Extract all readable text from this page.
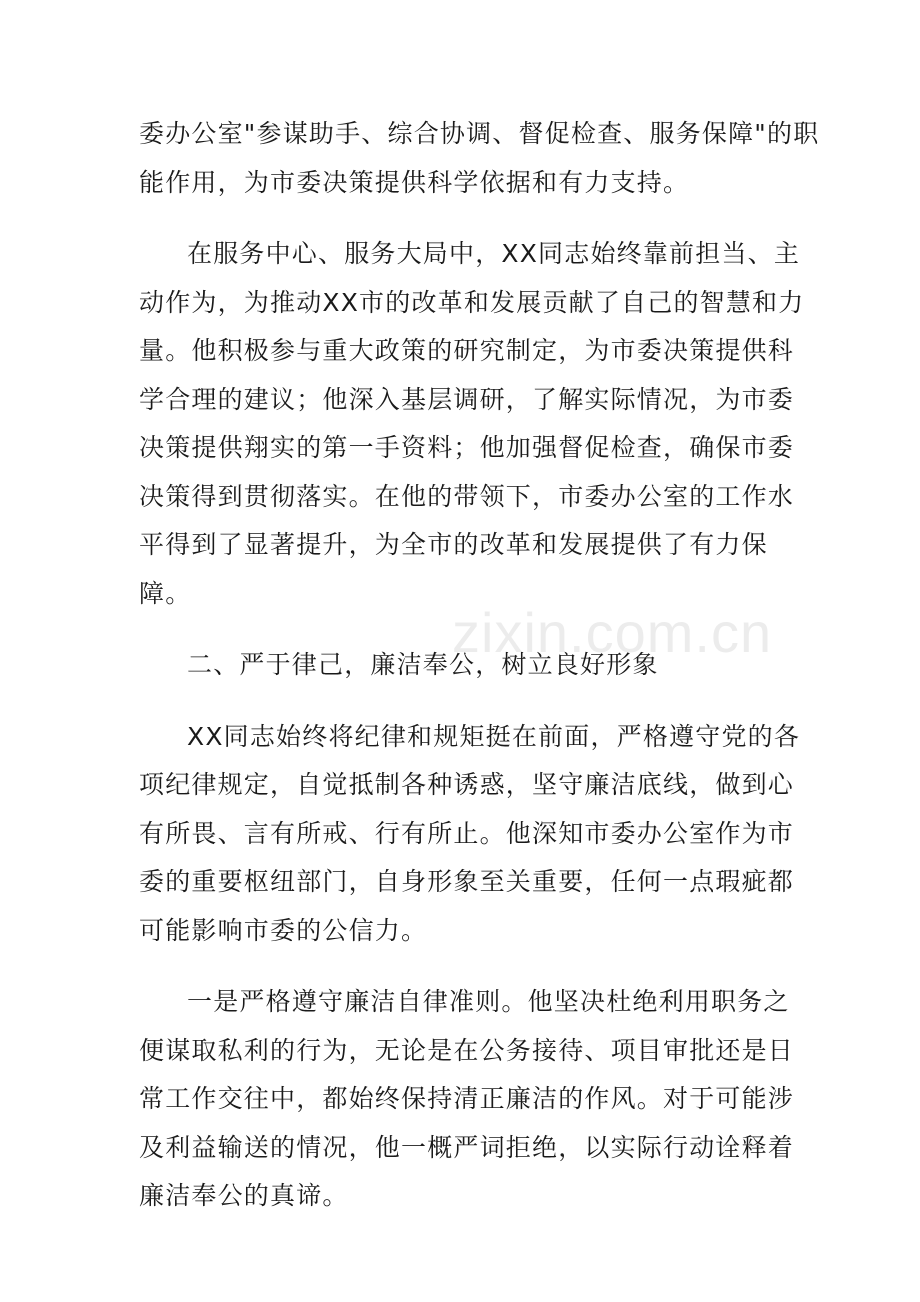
委办公室"参谋助手、综合协调、督促检查、服务保障"的职
能作用，为市委决策提供科学依据和有力支持。

在服务中心、服务大局中，XX同志始终靠前担当、主
动作为，为推动XX市的改革和发展贡献了自己的智慧和力
量。他积极参与重大政策的研究制定，为市委决策提供科
学合理的建议；他深入基层调研，了解实际情况，为市委
决策提供翔实的第一手资料；他加强督促检查，确保市委
决策得到贯彻落实。在他的带领下，市委办公室的工作水
平得到了显著提升，为全市的改革和发展提供了有力保
障。

二、严于律己，廉洁奉公，树立良好形象

XX同志始终将纪律和规矩挺在前面，严格遵守党的各
项纪律规定，自觉抵制各种诱惑，坚守廉洁底线，做到心
有所畏、言有所戒、行有所止。他深知市委办公室作为市
委的重要枢纽部门，自身形象至关重要，任何一点瑕疵都
可能影响市委的公信力。

一是严格遵守廉洁自律准则。他坚决杜绝利用职务之
便谋取私利的行为，无论是在公务接待、项目审批还是日
常工作交往中，都始终保持清正廉洁的作风。对于可能涉
及利益输送的情况，他一概严词拒绝，以实际行动诠释着
廉洁奉公的真谛。

zixin.com.cn
